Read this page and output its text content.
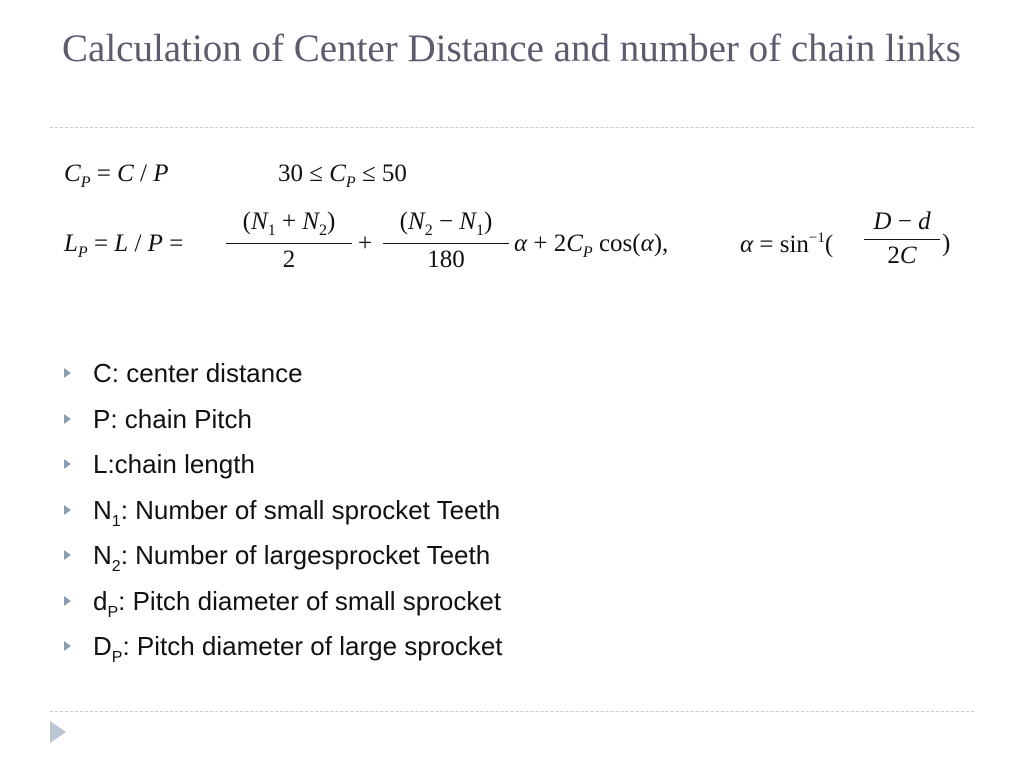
Calculation of Center Distance and number of chain links
$C_P = C / P$	$30 \le C_P \le 50$
$L_P = L / P = \frac{(N_1 + N_2)}{2} + \frac{(N_2 - N_1)}{180}$ $\alpha + 2C_P$ cos(α),	$\alpha = \sin^{-1}( \frac{D - d}{2C}$ )
C: center distance
P: chain Pitch
L:chain length
$N_1$: Number of small sprocket Teeth
$N_2$: Number of largesprocket Teeth
$d_P$: Pitch diameter of small sprocket
$D_P$: Pitch diameter of large sprocket
